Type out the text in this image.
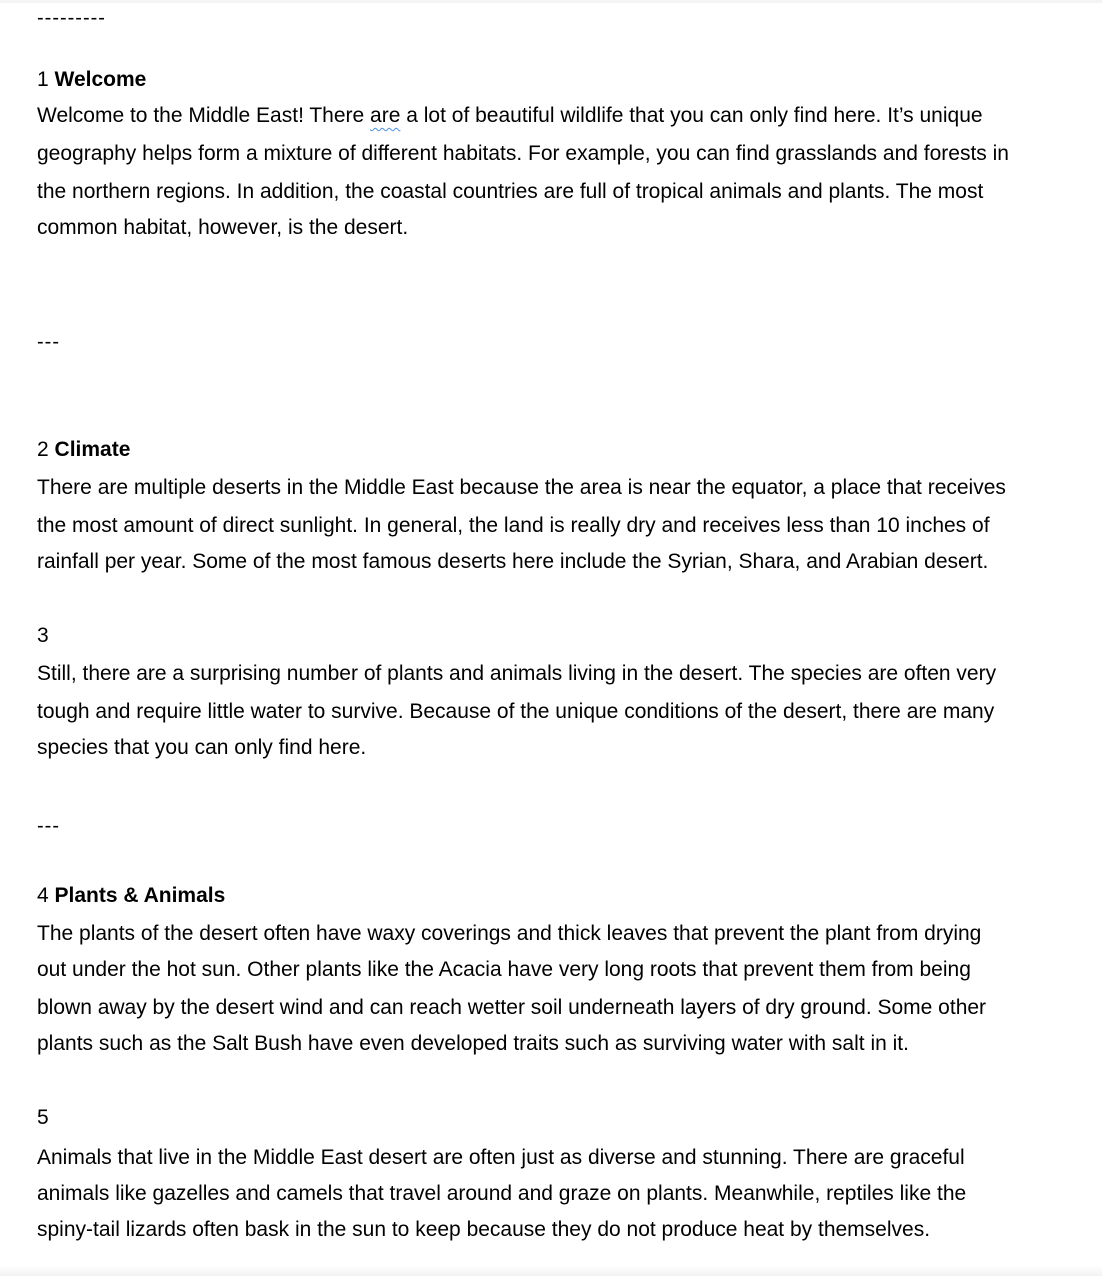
---------
1 Welcome

Welcome to the Middle East! There are a lot of beautiful wildlife that you can only find here. It’s unique

geography helps form a mixture of different habitats. For example, you can find grasslands and forests in

the northern regions. In addition, the coastal countries are full of tropical animals and plants. The most

common habitat, however, is the desert.

---
2 Climate

There are multiple deserts in the Middle East because the area is near the equator, a place that receives

the most amount of direct sunlight. In general, the land is really dry and receives less than 10 inches of

rainfall per year. Some of the most famous deserts here include the Syrian, Shara, and Arabian desert.

3

Still, there are a surprising number of plants and animals living in the desert. The species are often very

tough and require little water to survive. Because of the unique conditions of the desert, there are many

species that you can only find here.

---
4 Plants & Animals

The plants of the desert often have waxy coverings and thick leaves that prevent the plant from drying

out under the hot sun. Other plants like the Acacia have very long roots that prevent them from being

blown away by the desert wind and can reach wetter soil underneath layers of dry ground. Some other

plants such as the Salt Bush have even developed traits such as surviving water with salt in it.

5

Animals that live in the Middle East desert are often just as diverse and stunning. There are graceful

animals like gazelles and camels that travel around and graze on plants. Meanwhile, reptiles like the

spiny-tail lizards often bask in the sun to keep because they do not produce heat by themselves.
